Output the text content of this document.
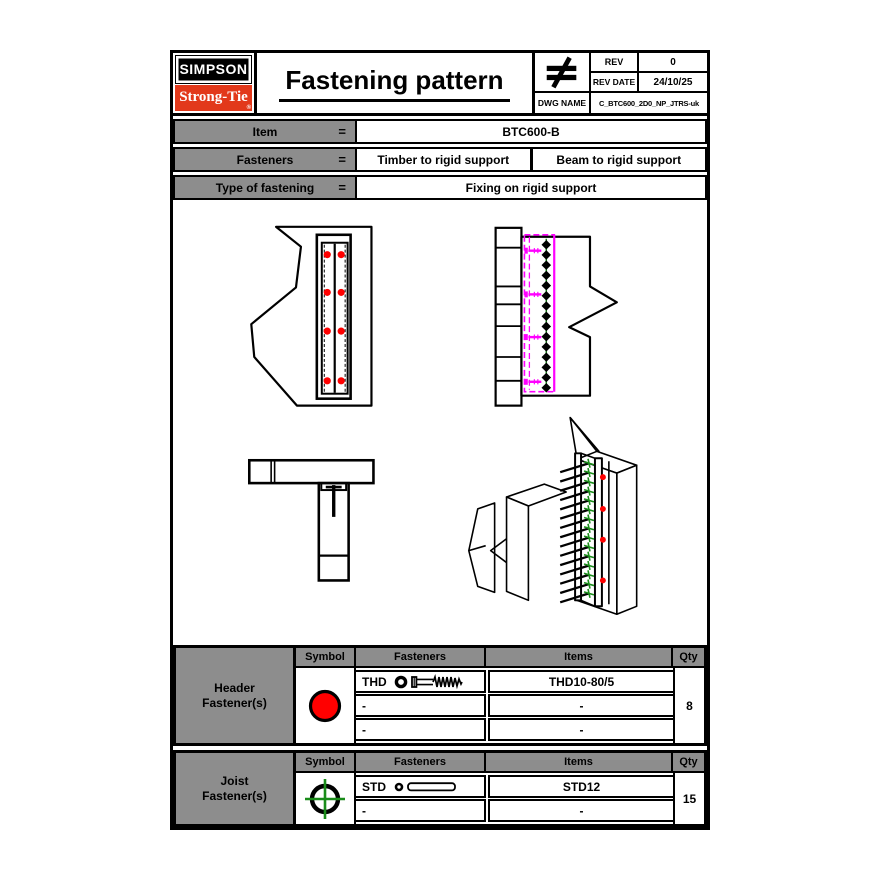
SIMPSON
Strong-Tie
®
Fastening pattern
REV	0
REV DATE	24/10/25
DWG NAME	C_BTC600_2D0_NP_JTRS-uk
Item	=	BTC600-B
Fasteners	=	Timber to rigid support	Beam to rigid support
Type of fastening =	Fixing on rigid support
Header
Fastener(s)
Symbol	Fasteners	Items	Qty
THD	THD10-80/5
-	-
-	-
8
Joist
Fastener(s)
Symbol	Fasteners	Items	Qty
STD	STD12
-	-
15
